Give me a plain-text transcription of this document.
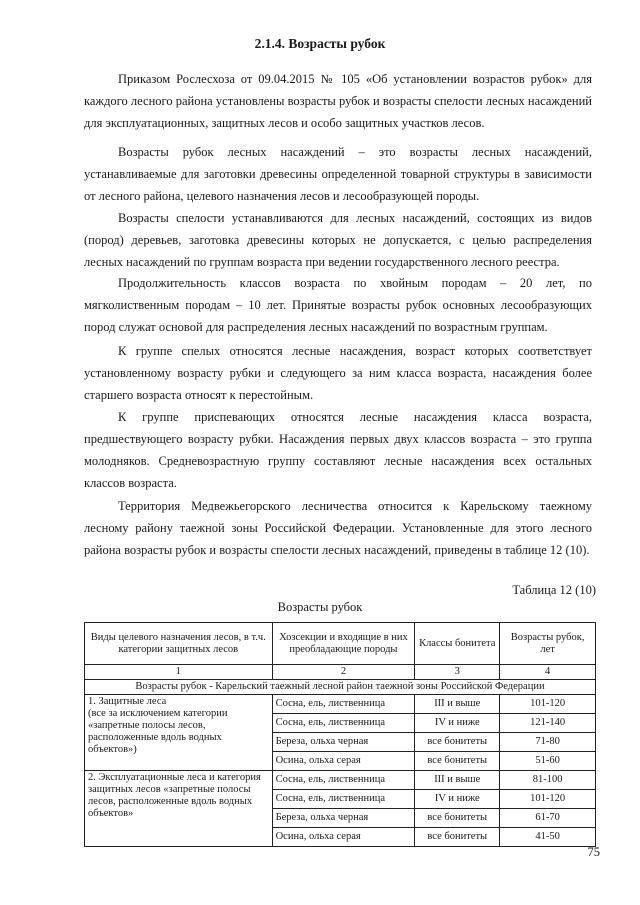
2.1.4. Возрасты рубок

Приказом Рослесхоза от 09.04.2015 № 105 «Об установлении возрастов рубок» для каждого лесного района установлены возрасты рубок и возрасты спелости лесных насаждений для эксплуатационных, защитных лесов и особо защитных участков лесов.

Возрасты рубок лесных насаждений – это возрасты лесных насаждений, устанавливаемые для заготовки древесины определенной товарной структуры в зависимости от лесного района, целевого назначения лесов и лесообразующей породы.

Возрасты спелости устанавливаются для лесных насаждений, состоящих из видов (пород) деревьев, заготовка древесины которых не допускается, с целью распределения лесных насаждений по группам возраста при ведении государственного лесного реестра.

Продолжительность классов возраста по хвойным породам – 20 лет, по мягколиственным породам – 10 лет. Принятые возрасты рубок основных лесообразующих пород служат основой для распределения лесных насаждений по возрастным группам.

К группе спелых относятся лесные насаждения, возраст которых соответствует установленному возрасту рубки и следующего за ним класса возраста, насаждения более старшего возраста относят к перестойным.

К группе приспевающих относятся лесные насаждения класса возраста, предшествующего возрасту рубки. Насаждения первых двух классов возраста – это группа молодняков. Средневозрастную группу составляют лесные насаждения всех остальных классов возраста.

Территория Медвежьегорского лесничества относится к Карельскому таежному лесному району таежной зоны Российской Федерации. Установленные для этого лесного района возрасты рубок и возрасты спелости лесных насаждений, приведены в таблице 12 (10).

Таблица 12 (10)
Возрасты рубок
Виды целевого назначения лесов, в т.ч. категории защитных лесов	Хозсекции и входящие в них преобладающие породы	Классы бонитета	Возрасты рубок, лет
1	2	3	4
Возрасты рубок - Карельский таежный лесной район таежной зоны Российской Федерации			
1. Защитные леса
(все за исключением категории «запретные полосы лесов, расположенные вдоль водных объектов»)	Сосна, ель, лиственница	III и выше	101-120
	Сосна, ель, лиственница	IV и ниже	121-140
	Береза, ольха черная	все бонитеты	71-80
	Осина, ольха серая	все бонитеты	51-60
2. Эксплуатационные леса и категория защитных лесов «запретные полосы лесов, расположенные вдоль водных объектов»	Сосна, ель, лиственница	III и выше	81-100
	Сосна, ель, лиственница	IV и ниже	101-120
	Береза, ольха черная	все бонитеты	61-70
	Осина, ольха серая	все бонитеты	41-50
75
